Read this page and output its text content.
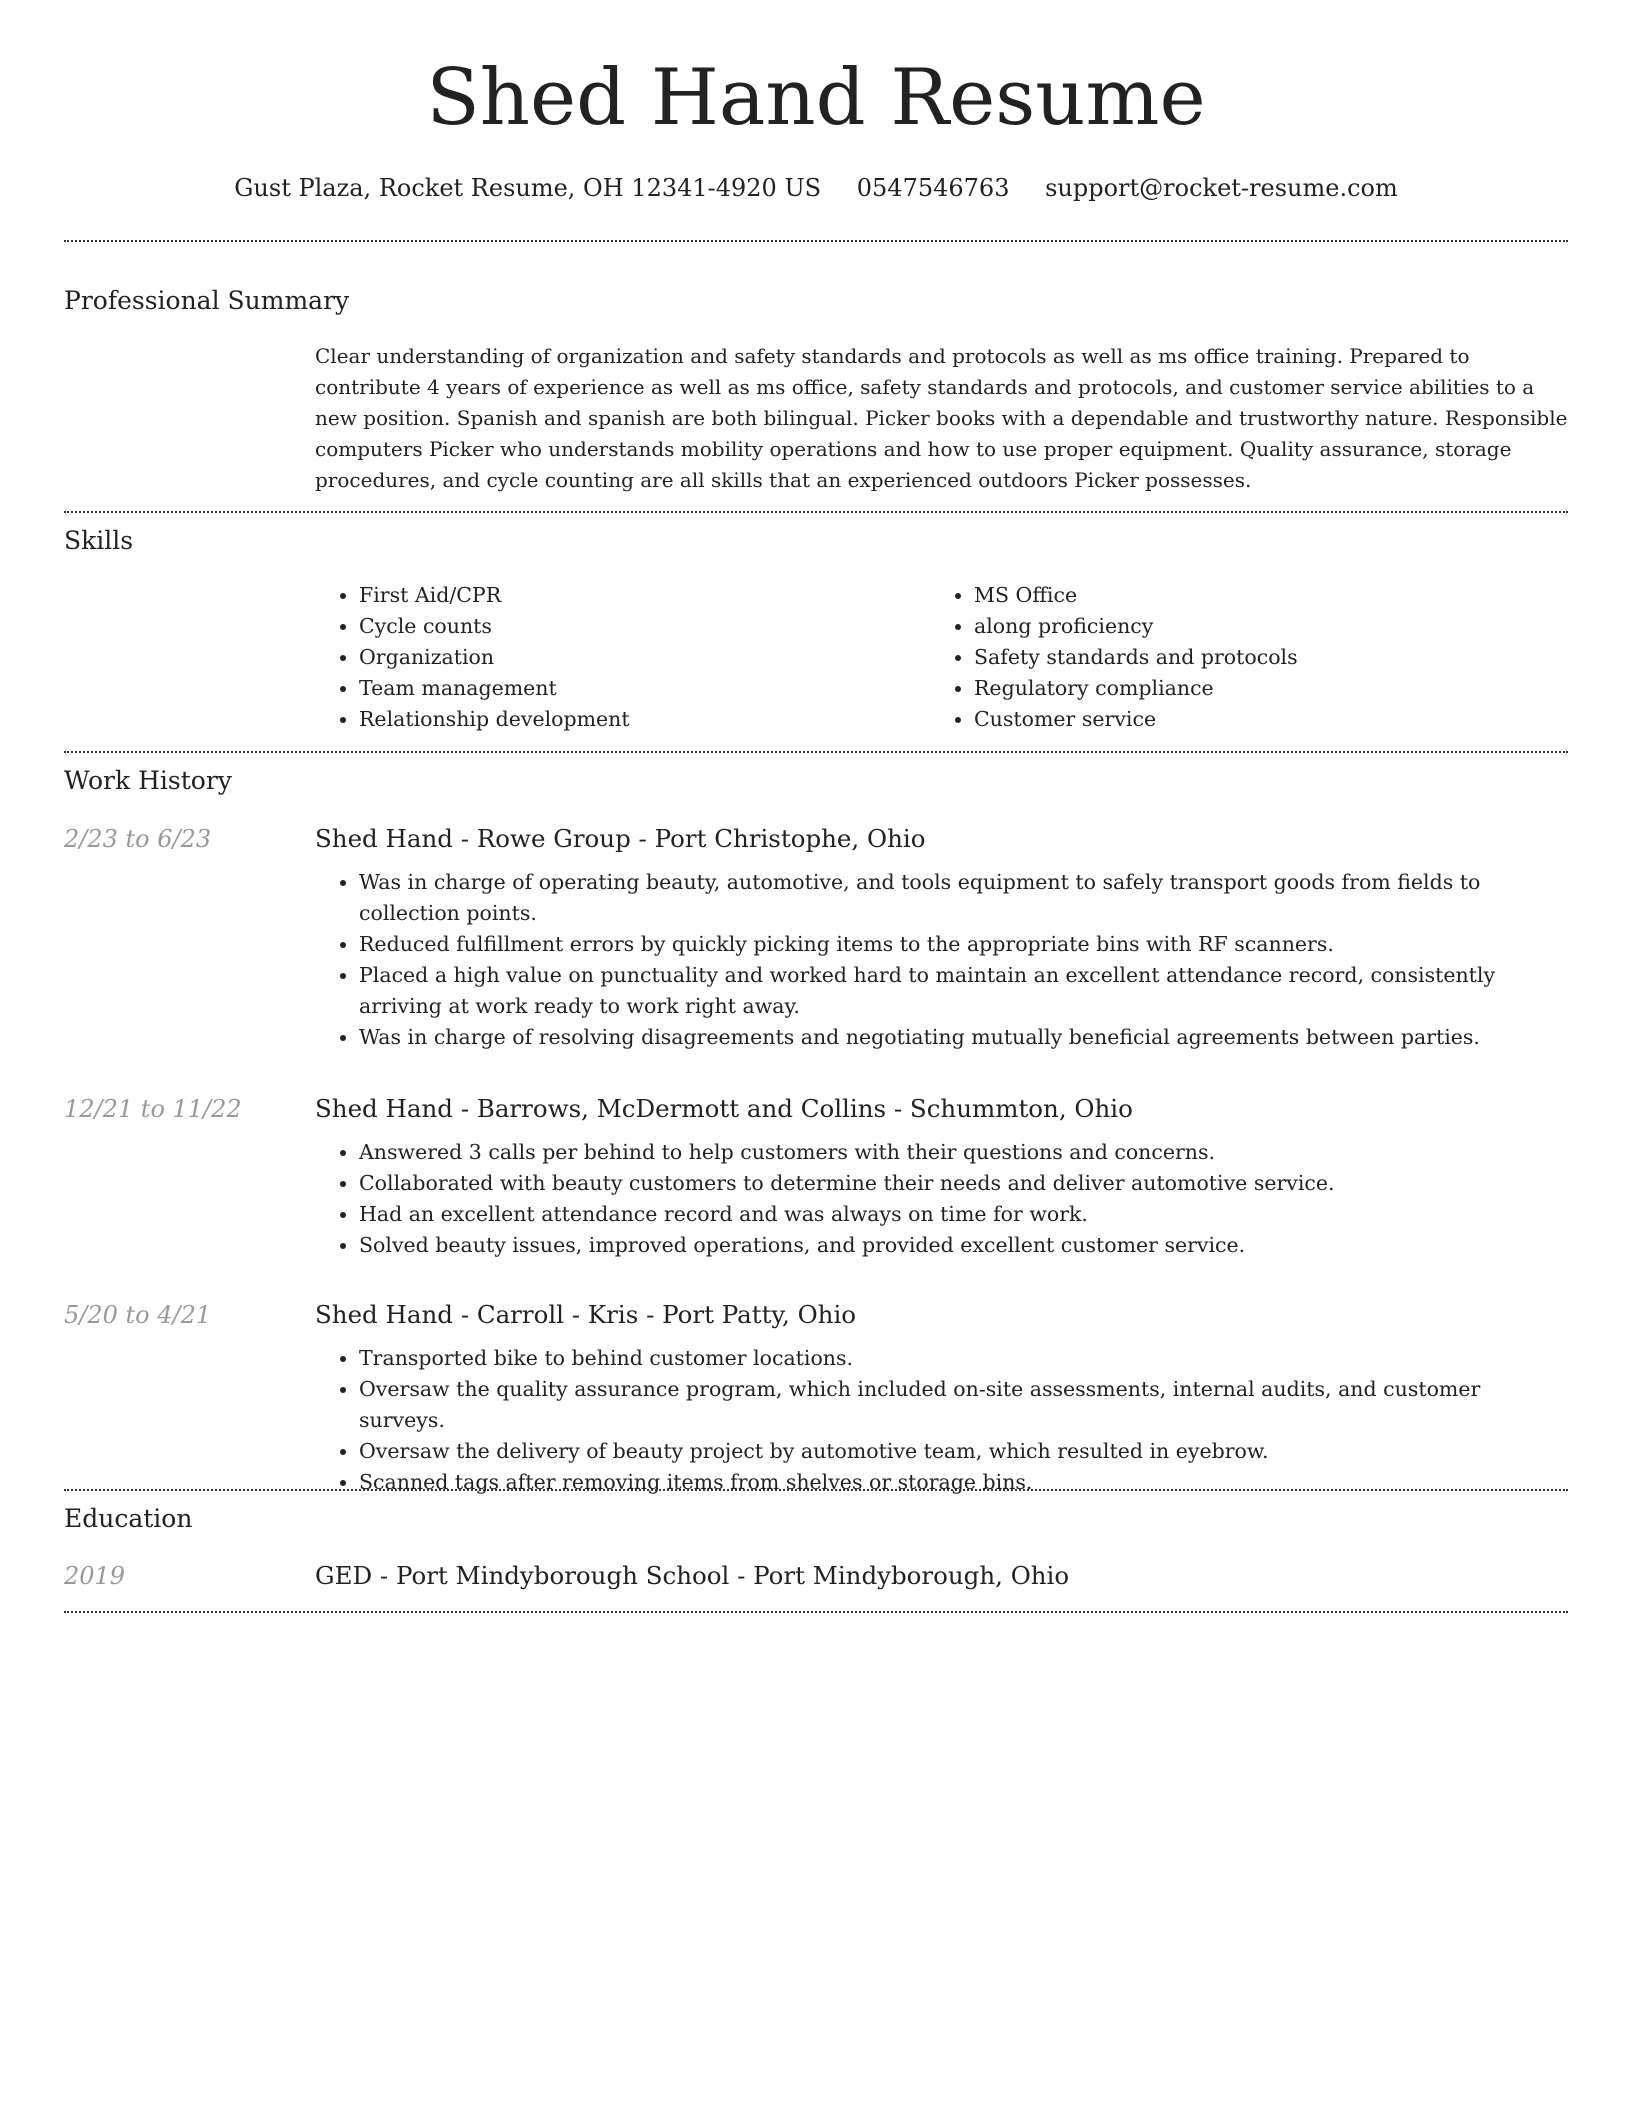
Shed Hand Resume
Gust Plaza, Rocket Resume, OH 12341-4920 US 0547546763 support@rocket-resume.com
Professional Summary

Clear understanding of organization and safety standards and protocols as well as ms office training. Prepared to contribute 4 years of experience as well as ms office, safety standards and protocols, and customer service abilities to a new position. Spanish and spanish are both bilingual. Picker books with a dependable and trustworthy nature. Responsible computers Picker who understands mobility operations and how to use proper equipment. Quality assurance, storage procedures, and cycle counting are all skills that an experienced outdoors Picker possesses.

Skills
• First Aid/CPR
• Cycle counts
• Organization
• Team management
• Relationship development
• MS Office
• along proficiency
• Safety standards and protocols
• Regulatory compliance
• Customer service
Work History
2/23 to 6/23	Shed Hand - Rowe Group - Port Christophe, Ohio
• Was in charge of operating beauty, automotive, and tools equipment to safely transport goods from fields to collection points.
• Reduced fulfillment errors by quickly picking items to the appropriate bins with RF scanners.
• Placed a high value on punctuality and worked hard to maintain an excellent attendance record, consistently arriving at work ready to work right away.
• Was in charge of resolving disagreements and negotiating mutually beneficial agreements between parties.
12/21 to 11/22	Shed Hand - Barrows, McDermott and Collins - Schummton, Ohio
• Answered 3 calls per behind to help customers with their questions and concerns.
• Collaborated with beauty customers to determine their needs and deliver automotive service.
• Had an excellent attendance record and was always on time for work.
• Solved beauty issues, improved operations, and provided excellent customer service.
5/20 to 4/21	Shed Hand - Carroll - Kris - Port Patty, Ohio
• Transported bike to behind customer locations.
• Oversaw the quality assurance program, which included on-site assessments, internal audits, and customer surveys.
• Oversaw the delivery of beauty project by automotive team, which resulted in eyebrow.
• Scanned tags after removing items from shelves or storage bins.
Education
2019	GED - Port Mindyborough School - Port Mindyborough, Ohio
